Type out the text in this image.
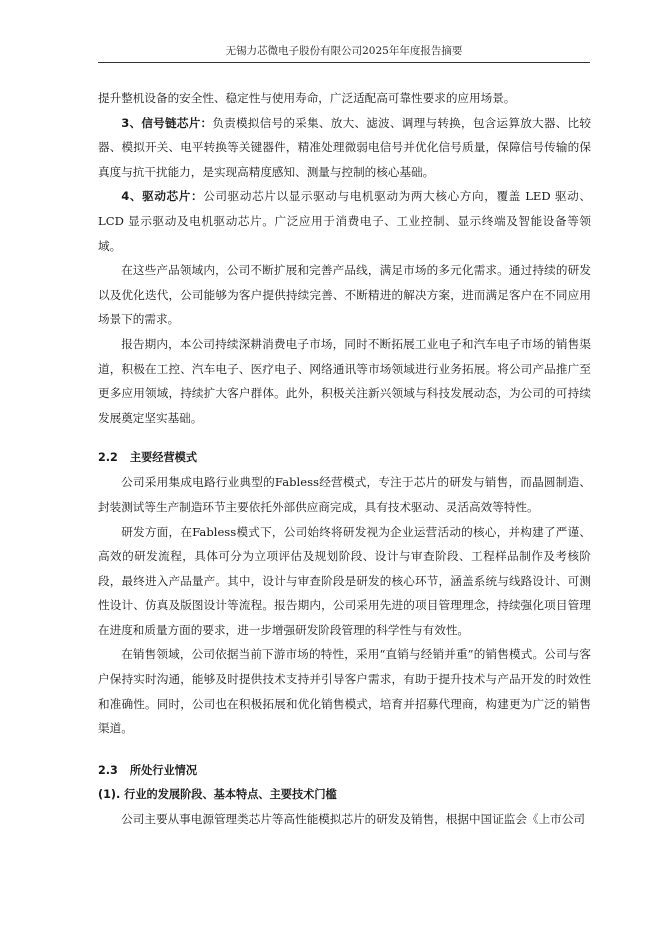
无锡力芯微电子股份有限公司2025年年度报告摘要

提升整机设备的安全性、稳定性与使用寿命，广泛适配高可靠性要求的应用场景。

3、信号链芯片：负责模拟信号的采集、放大、滤波、调理与转换，包含运算放大器、比较器、模拟开关、电平转换等关键器件，精准处理微弱电信号并优化信号质量，保障信号传输的保真度与抗干扰能力，是实现高精度感知、测量与控制的核心基础。

4、驱动芯片：公司驱动芯片以显示驱动与电机驱动为两大核心方向，覆盖 LED 驱动、LCD 显示驱动及电机驱动芯片。广泛应用于消费电子、工业控制、显示终端及智能设备等领域。

在这些产品领域内，公司不断扩展和完善产品线，满足市场的多元化需求。通过持续的研发以及优化迭代，公司能够为客户提供持续完善、不断精进的解决方案，进而满足客户在不同应用场景下的需求。

报告期内，本公司持续深耕消费电子市场，同时不断拓展工业电子和汽车电子市场的销售渠道，积极在工控、汽车电子、医疗电子、网络通讯等市场领域进行业务拓展。将公司产品推广至更多应用领域，持续扩大客户群体。此外，积极关注新兴领域与科技发展动态，为公司的可持续发展奠定坚实基础。

2.2 主要经营模式

公司采用集成电路行业典型的Fabless经营模式，专注于芯片的研发与销售，而晶圆制造、封装测试等生产制造环节主要依托外部供应商完成，具有技术驱动、灵活高效等特性。

研发方面，在Fabless模式下，公司始终将研发视为企业运营活动的核心，并构建了严谨、高效的研发流程，具体可分为立项评估及规划阶段、设计与审查阶段、工程样品制作及考核阶段，最终进入产品量产。其中，设计与审查阶段是研发的核心环节，涵盖系统与线路设计、可测性设计、仿真及版图设计等流程。报告期内，公司采用先进的项目管理理念，持续强化项目管理在进度和质量方面的要求，进一步增强研发阶段管理的科学性与有效性。

在销售领域，公司依据当前下游市场的特性，采用“直销与经销并重”的销售模式。公司与客户保持实时沟通，能够及时提供技术支持并引导客户需求，有助于提升技术与产品开发的时效性和准确性。同时，公司也在积极拓展和优化销售模式，培育并招募代理商，构建更为广泛的销售渠道。

2.3 所处行业情况
(1). 行业的发展阶段、基本特点、主要技术门槛

公司主要从事电源管理类芯片等高性能模拟芯片的研发及销售，根据中国证监会《上市公司
